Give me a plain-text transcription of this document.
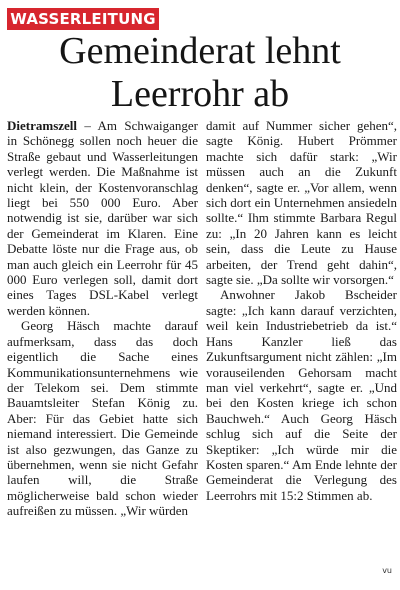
WASSERLEITUNG
Gemeinderat lehnt
Leerrohr ab

Dietramszell – Am Schwaiganger in Schönegg sollen noch heuer die Straße gebaut und Wasserleitungen verlegt werden. Die Maßnahme ist nicht klein, der Kostenvoranschlag liegt bei 550 000 Euro. Aber notwendig ist sie, darüber war sich der Gemeinderat im Klaren. Eine Debatte löste nur die Frage aus, ob man auch gleich ein Leerrohr für 45 000 Euro verlegen soll, damit dort eines Tages DSL-Kabel verlegt werden können.

Georg Häsch machte darauf aufmerksam, dass das doch eigentlich die Sache eines Kommunikationsunternehmens wie der Telekom sei. Dem stimmte Bauamtsleiter Stefan König zu. Aber: Für das Gebiet hatte sich niemand interessiert. Die Gemeinde ist also gezwungen, das Ganze zu übernehmen, wenn sie nicht Gefahr laufen will, die Straße möglicherweise bald schon wieder aufreißen zu müssen. „Wir würden

damit auf Nummer sicher gehen“, sagte König. Hubert Prömmer machte sich dafür stark: „Wir müssen auch an die Zukunft denken“, sagte er. „Vor allem, wenn sich dort ein Unternehmen ansiedeln sollte.“ Ihm stimmte Barbara Regul zu: „In 20 Jahren kann es leicht sein, dass die Leute zu Hause arbeiten, der Trend geht dahin“, sagte sie. „Da sollte wir vorsorgen.“

Anwohner Jakob Bscheider sagte: „Ich kann darauf verzichten, weil kein Industriebetrieb da ist.“ Hans Kanzler ließ das Zukunftsargument nicht zählen: „Im vorauseilenden Gehorsam macht man viel verkehrt“, sagte er. „Und bei den Kosten kriege ich schon Bauchweh.“ Auch Georg Häsch schlug sich auf die Seite der Skeptiker: „Ich würde mir die Kosten sparen.“ Am Ende lehnte der Gemeinderat die Verlegung des Leerrohrs mit 15:2 Stimmen ab.

vu
